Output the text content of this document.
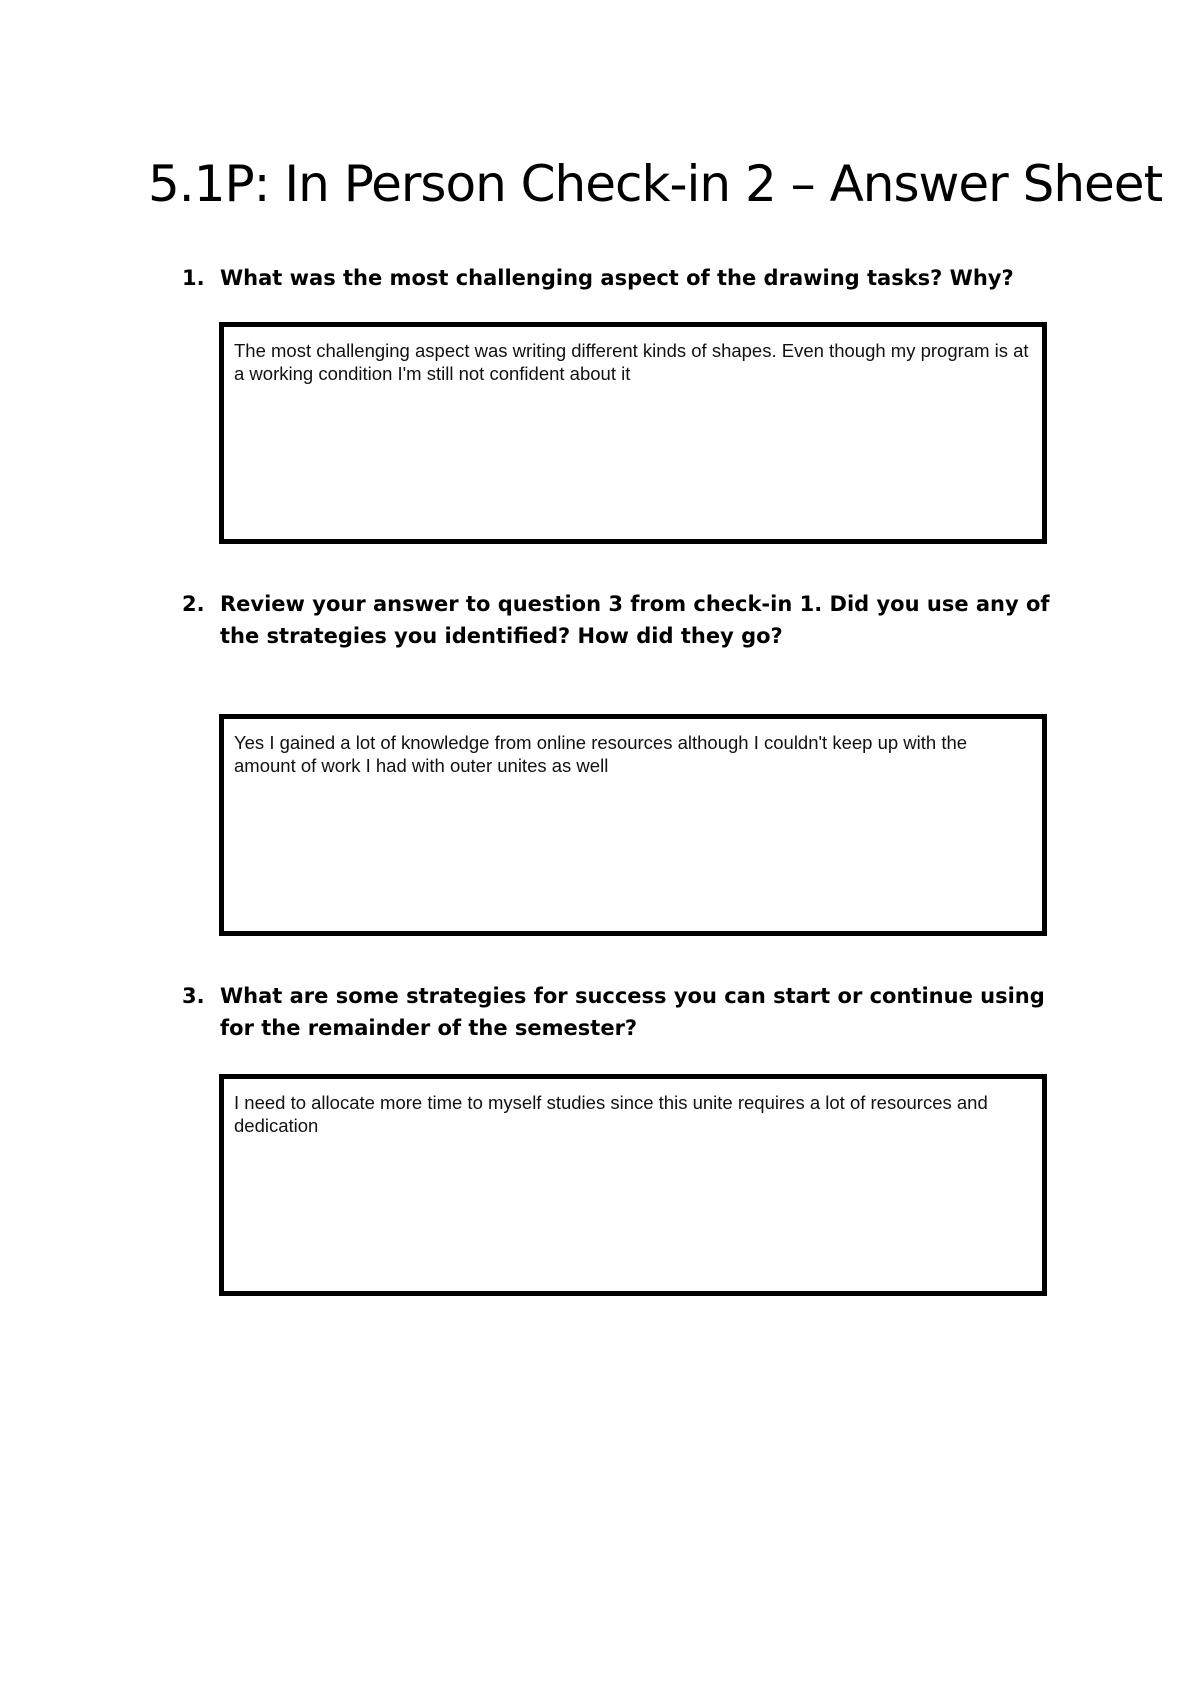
5.1P: In Person Check-in 2 – Answer Sheet
1. What was the most challenging aspect of the drawing tasks? Why?
The most challenging aspect was writing different kinds of shapes. Even though my program is at a working condition I'm still not confident about it
2. Review your answer to question 3 from check-in 1. Did you use any of the strategies you identified? How did they go?
Yes I gained a lot of knowledge from online resources although I couldn't keep up with the amount of work I had with outer unites as well
3. What are some strategies for success you can start or continue using for the remainder of the semester?
I need to allocate more time to myself studies since this unite requires a lot of resources and dedication
